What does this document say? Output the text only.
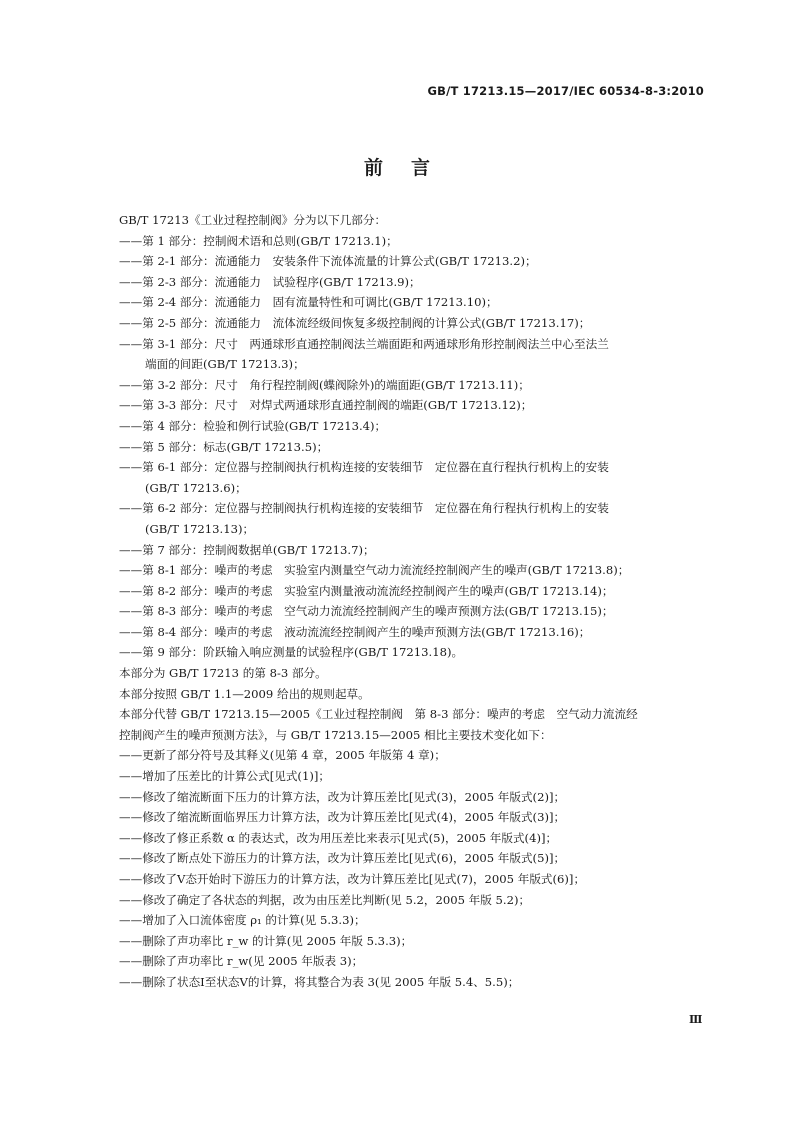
GB/T 17213.15—2017/IEC 60534-8-3:2010
前言

GB/T 17213《工业过程控制阀》分为以下几部分：

——第 1 部分：控制阀术语和总则(GB/T 17213.1)；

——第 2-1 部分：流通能力　安装条件下流体流量的计算公式(GB/T 17213.2)；

——第 2-3 部分：流通能力　试验程序(GB/T 17213.9)；

——第 2-4 部分：流通能力　固有流量特性和可调比(GB/T 17213.10)；

——第 2-5 部分：流通能力　流体流经级间恢复多级控制阀的计算公式(GB/T 17213.17)；

——第 3-1 部分：尺寸　两通球形直通控制阀法兰端面距和两通球形角形控制阀法兰中心至法兰

端面的间距(GB/T 17213.3)；

——第 3-2 部分：尺寸　角行程控制阀(蝶阀除外)的端面距(GB/T 17213.11)；

——第 3-3 部分：尺寸　对焊式两通球形直通控制阀的端距(GB/T 17213.12)；

——第 4 部分：检验和例行试验(GB/T 17213.4)；

——第 5 部分：标志(GB/T 17213.5)；

——第 6-1 部分：定位器与控制阀执行机构连接的安装细节　定位器在直行程执行机构上的安装

(GB/T 17213.6)；

——第 6-2 部分：定位器与控制阀执行机构连接的安装细节　定位器在角行程执行机构上的安装

(GB/T 17213.13)；

——第 7 部分：控制阀数据单(GB/T 17213.7)；

——第 8-1 部分：噪声的考虑　实验室内测量空气动力流流经控制阀产生的噪声(GB/T 17213.8)；

——第 8-2 部分：噪声的考虑　实验室内测量液动流流经控制阀产生的噪声(GB/T 17213.14)；

——第 8-3 部分：噪声的考虑　空气动力流流经控制阀产生的噪声预测方法(GB/T 17213.15)；

——第 8-4 部分：噪声的考虑　液动流流经控制阀产生的噪声预测方法(GB/T 17213.16)；

——第 9 部分：阶跃输入响应测量的试验程序(GB/T 17213.18)。

本部分为 GB/T 17213 的第 8-3 部分。

本部分按照 GB/T 1.1—2009 给出的规则起草。

本部分代替 GB/T 17213.15—2005《工业过程控制阀　第 8-3 部分：噪声的考虑　空气动力流流经

控制阀产生的噪声预测方法》，与 GB/T 17213.15—2005 相比主要技术变化如下：

——更新了部分符号及其释义(见第 4 章，2005 年版第 4 章)；

——增加了压差比的计算公式[见式(1)]；

——修改了缩流断面下压力的计算方法，改为计算压差比[见式(3)，2005 年版式(2)]；

——修改了缩流断面临界压力计算方法，改为计算压差比[见式(4)，2005 年版式(3)]；

——修改了修正系数 α 的表达式，改为用压差比来表示[见式(5)，2005 年版式(4)]；

——修改了断点处下游压力的计算方法，改为计算压差比[见式(6)，2005 年版式(5)]；

——修改了Ⅴ态开始时下游压力的计算方法，改为计算压差比[见式(7)，2005 年版式(6)]；

——修改了确定了各状态的判据，改为由压差比判断(见 5.2，2005 年版 5.2)；

——增加了入口流体密度 ρ₁ 的计算(见 5.3.3)；

——删除了声功率比 r_w 的计算(见 2005 年版 5.3.3)；

——删除了声功率比 r_w(见 2005 年版表 3)；

——删除了状态Ⅰ至状态Ⅴ的计算，将其整合为表 3(见 2005 年版 5.4、5.5)；

Ⅲ
